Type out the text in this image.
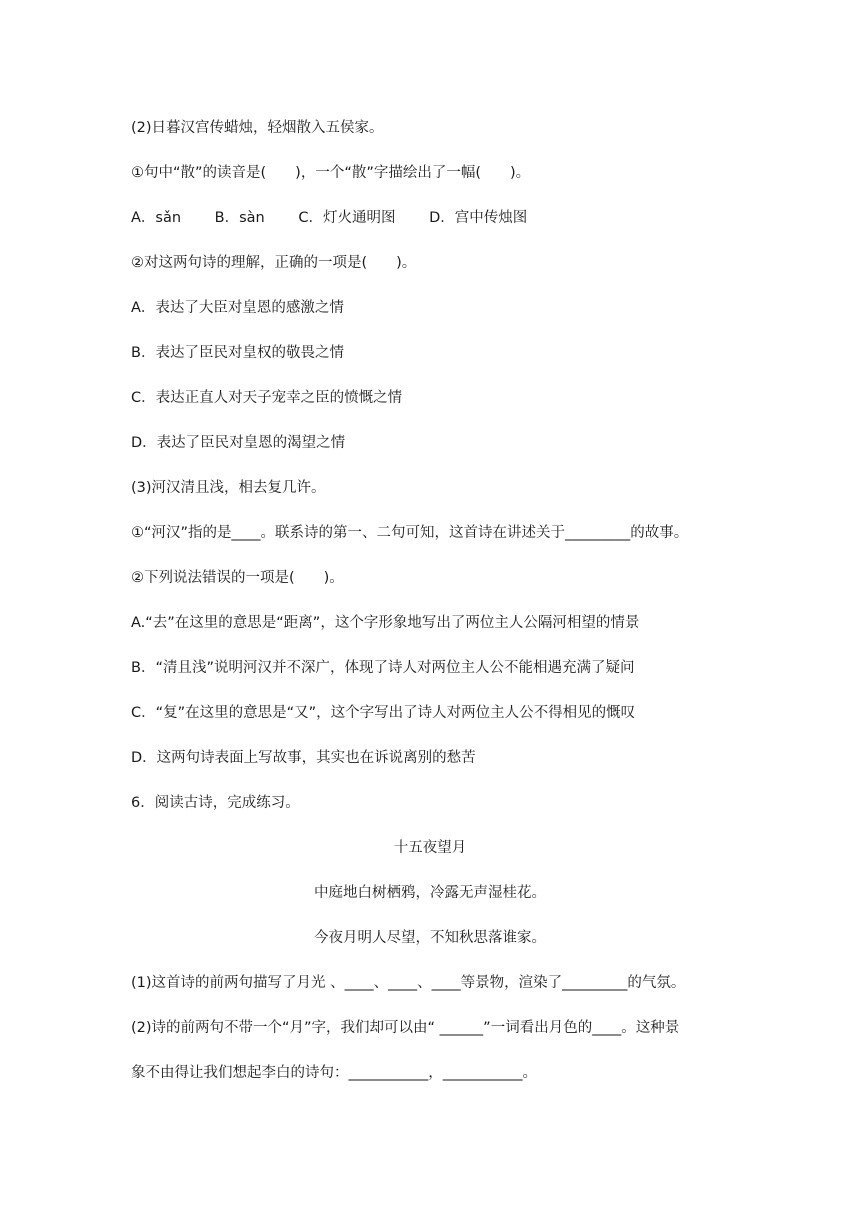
(2)日暮汉宫传蜡烛，轻烟散入五侯家。
①句中“散”的读音是(　　)，一个“散”字描绘出了一幅(　　)。
A．sǎn　　 B．sàn　　 C．灯火通明图　　 D．宫中传烛图
②对这两句诗的理解，正确的一项是(　　)。
A．表达了大臣对皇恩的感激之情
B．表达了臣民对皇权的敬畏之情
C．表达正直人对天子宠幸之臣的愤慨之情
D．表达了臣民对皇恩的渴望之情
(3)河汉清且浅，相去复几许。
①“河汉”指的是____。联系诗的第一、二句可知，这首诗在讲述关于_________的故事。
②下列说法错误的一项是(　　)。
A.“去”在这里的意思是“距离”，这个字形象地写出了两位主人公隔河相望的情景
B．“清且浅”说明河汉并不深广，体现了诗人对两位主人公不能相遇充满了疑问
C．“复”在这里的意思是“又”，这个字写出了诗人对两位主人公不得相见的慨叹
D．这两句诗表面上写故事，其实也在诉说离别的愁苦
6．阅读古诗，完成练习。
十五夜望月
中庭地白树栖鸦，冷露无声湿桂花。
今夜月明人尽望，不知秋思落谁家。
(1)这首诗的前两句描写了月光 、____、____、____等景物，渲染了_________的气氛。
(2)诗的前两句不带一个“月”字，我们却可以由“ ______”一词看出月色的____。这种景
象不由得让我们想起李白的诗句：___________，___________。
